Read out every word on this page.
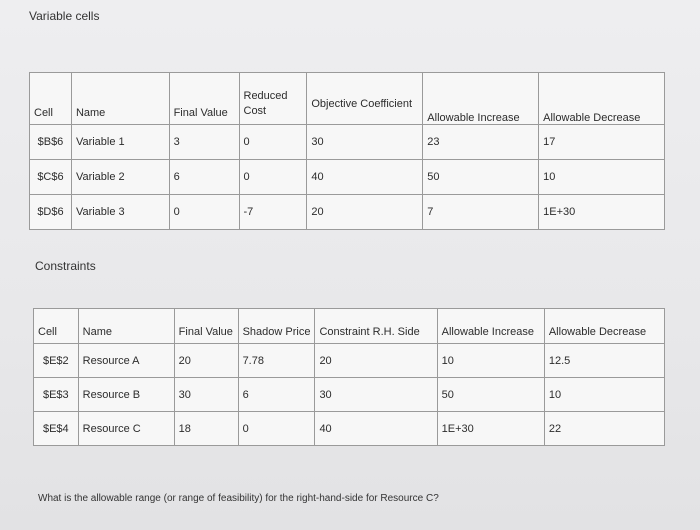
Variable cells
Cell	Name	Final Value	Reduced Cost	Objective Coefficient	Allowable Increase	Allowable Decrease
$B$6	Variable 1	3	0	30	23	17
$C$6	Variable 2	6	0	40	50	10
$D$6	Variable 3	0	-7	20	7	1E+30
Constraints
Cell	Name	Final Value	Shadow Price	Constraint R.H. Side	Allowable Increase	Allowable Decrease
$E$2	Resource A	20	7.78	20	10	12.5
$E$3	Resource B	30	6	30	50	10
$E$4	Resource C	18	0	40	1E+30	22
What is the allowable range (or range of feasibility) for the right-hand-side for Resource C?
